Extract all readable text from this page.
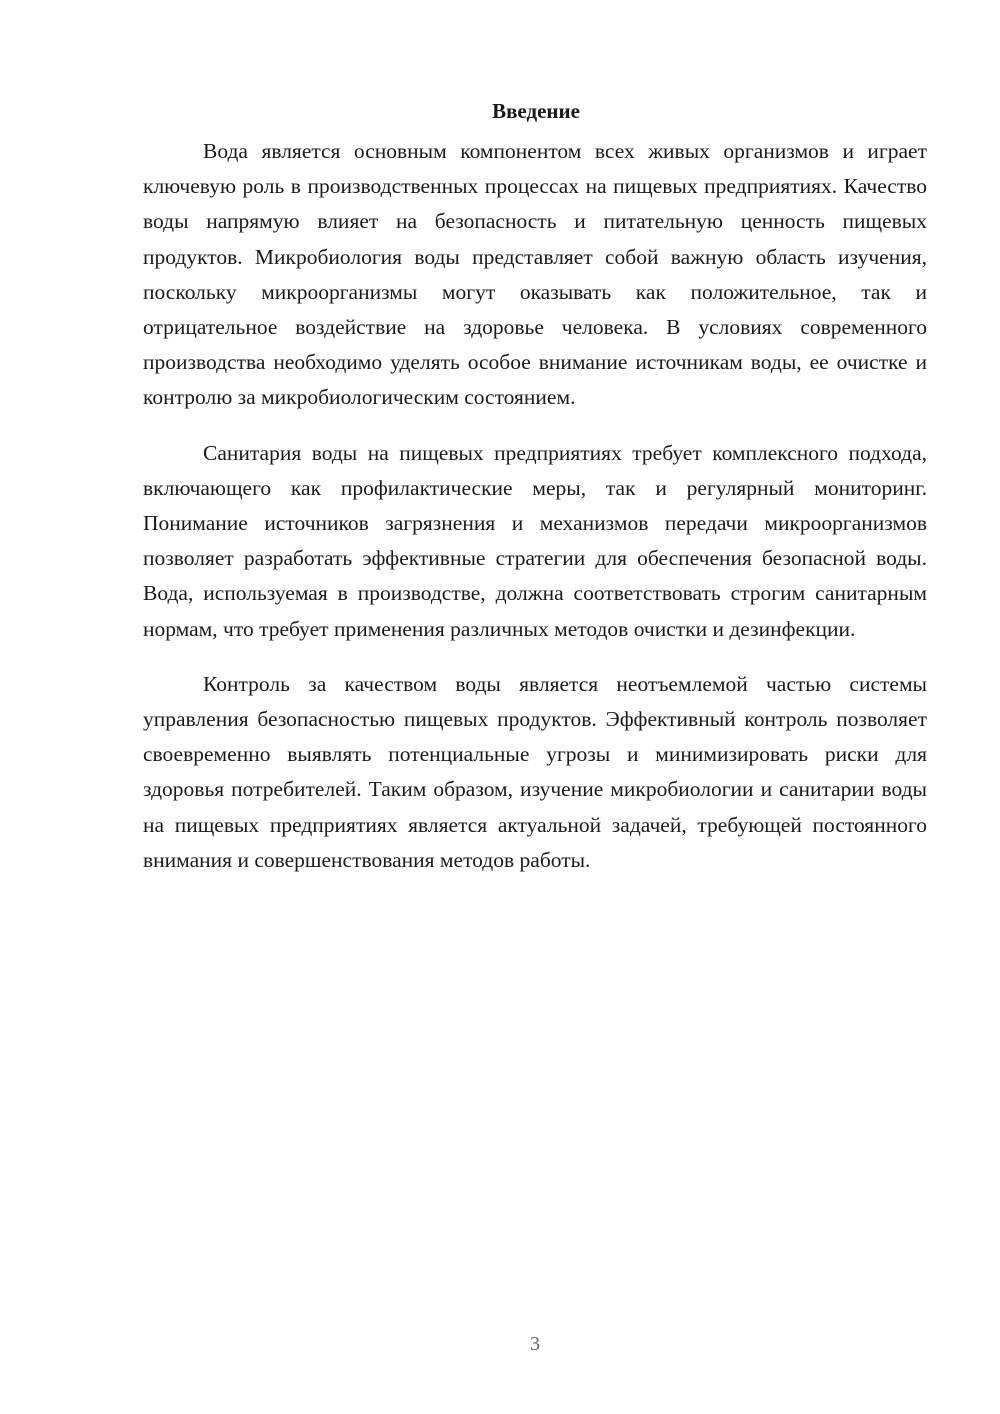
Введение

Вода является основным компонентом всех живых организмов и играет ключевую роль в производственных процессах на пищевых предприятиях. Качество воды напрямую влияет на безопасность и питательную ценность пищевых продуктов. Микробиология воды представляет собой важную область изучения, поскольку микроорганизмы могут оказывать как положительное, так и отрицательное воздействие на здоровье человека. В условиях современного производства необходимо уделять особое внимание источникам воды, ее очистке и контролю за микробиологическим состоянием.

Санитария воды на пищевых предприятиях требует комплексного подхода, включающего как профилактические меры, так и регулярный мониторинг. Понимание источников загрязнения и механизмов передачи микроорганизмов позволяет разработать эффективные стратегии для обеспечения безопасной воды. Вода, используемая в производстве, должна соответствовать строгим санитарным нормам, что требует применения различных методов очистки и дезинфекции.

Контроль за качеством воды является неотъемлемой частью системы управления безопасностью пищевых продуктов. Эффективный контроль позволяет своевременно выявлять потенциальные угрозы и минимизировать риски для здоровья потребителей. Таким образом, изучение микробиологии и санитарии воды на пищевых предприятиях является актуальной задачей, требующей постоянного внимания и совершенствования методов работы.

3
